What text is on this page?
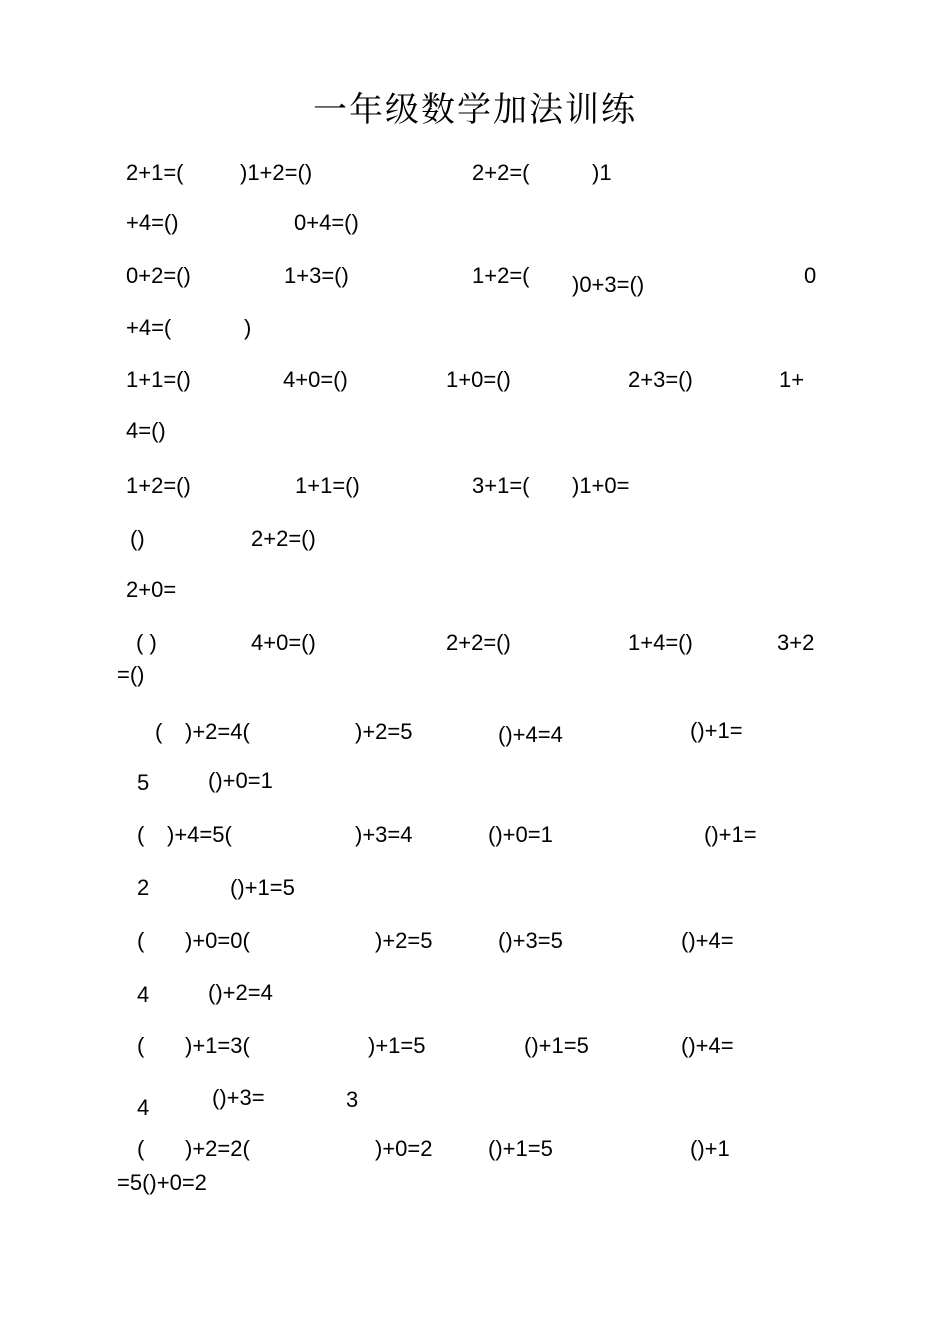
一年级数学加法训练
2+1=(	)1+2=()	2+2=(	)1
+4=()	0+4=()
0+2=()	1+3=()	1+2=( )0+3=()	0
+4=(	)
1+1=()	4+0=()	1+0=()	2+3=()	1+
4=()
1+2=()	1+1=()	3+1=( )1+0=
()	2+2=()
2+0=
( )	4+0=()	2+2=()	1+4=()	3+2
=()
( )+2=4(	)+2=5	()+4=4	()+1=
5	()+0=1
( )+4=5(	)+3=4	()+0=1	()+1=
2	()+1=5
( )+0=0(	)+2=5	()+3=5	()+4=
4	()+2=4
( )+1=3(	)+1=5	()+1=5	()+4=
4	()+3=	3
( )+2=2(	)+0=2	()+1=5	()+1
=5()+0=2
